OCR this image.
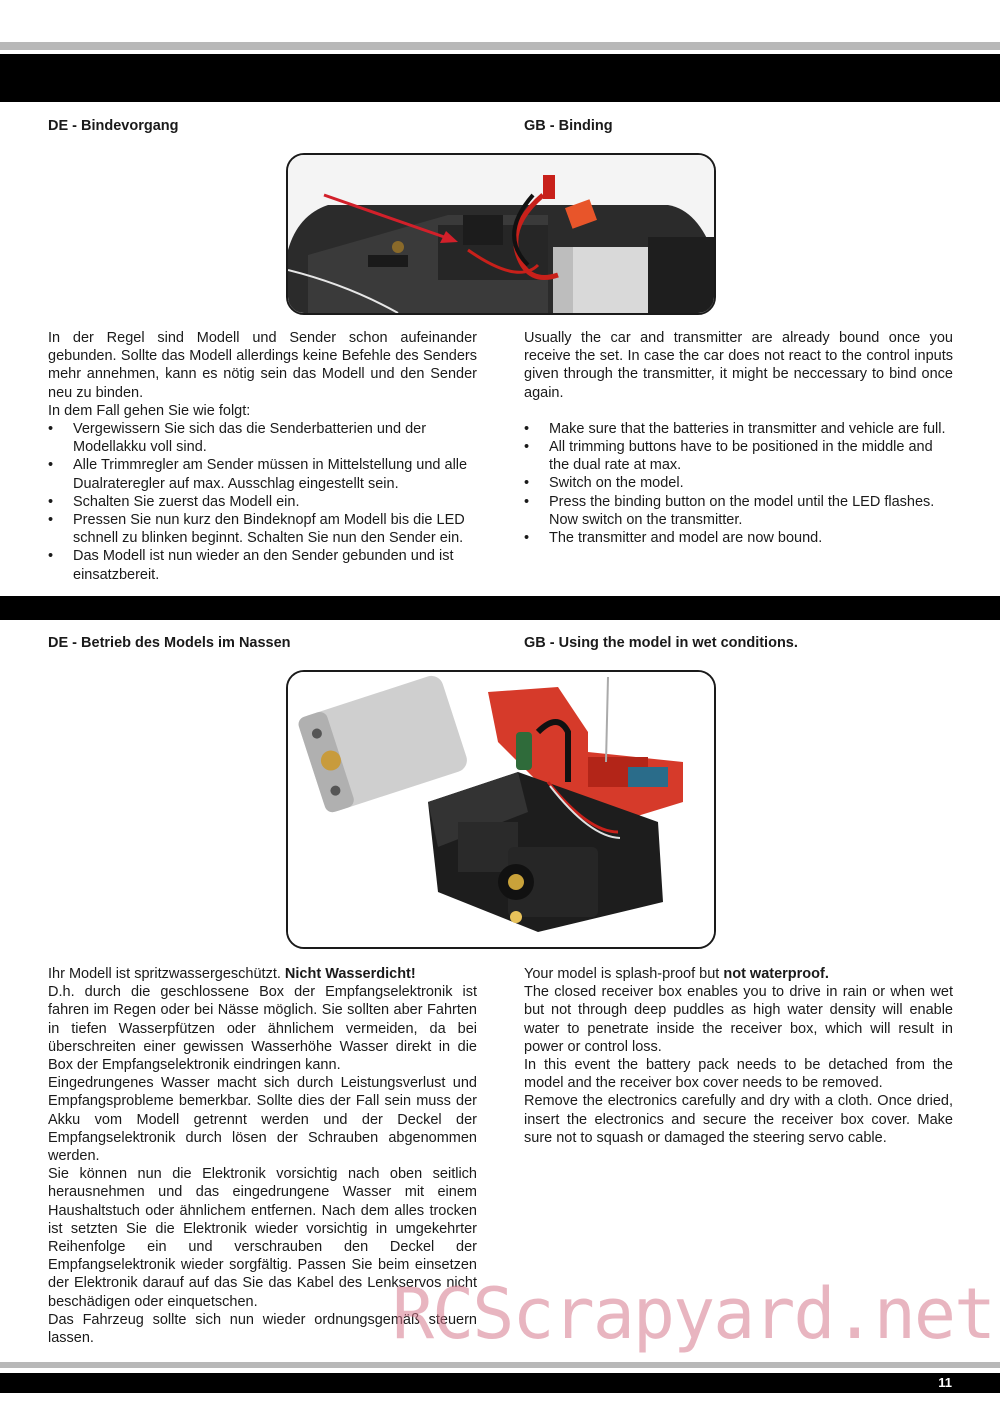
DE - Bindevorgang	GB - Binding

In der Regel sind Modell und Sender schon aufeinander gebunden. Sollte das Modell allerdings keine Befehle des Senders mehr annehmen, kann es nötig sein das Modell und den Sender neu zu binden.

In dem Fall gehen Sie wie folgt:

• Vergewissern Sie sich das die Senderbatterien und der Modellakku voll sind.
• Alle Trimmregler am Sender müssen in Mittelstellung und alle Dualrateregler auf max. Ausschlag eingestellt sein.
• Schalten Sie zuerst das Modell ein.
• Pressen Sie nun kurz den Bindeknopf am Modell bis die LED schnell zu blinken beginnt. Schalten Sie nun den Sender ein.
• Das Modell ist nun wieder an den Sender gebunden und ist einsatzbereit.

Usually the car and transmitter are already bound once you receive the set. In case the car does not react to the control inputs given through the transmitter, it might be neccessary to bind once again.

• Make sure that the batteries in transmitter and vehicle are full.
• All trimming buttons have to be positioned in the middle and the dual rate at max.
• Switch on the model.
• Press the binding button on the model until the LED flashes. Now switch on the transmitter.
• The transmitter and model are now bound.
DE - Betrieb des Models im Nassen	GB - Using the model in wet conditions.

Ihr Modell ist spritzwassergeschützt. Nicht Wasserdicht!

D.h. durch die geschlossene Box der Empfangselektronik ist fahren im Regen oder bei Nässe möglich. Sie sollten aber Fahrten in tiefen Wasserpfützen oder ähnlichem vermeiden, da bei überschreiten einer gewissen Wasserhöhe Wasser direkt in die Box der Empfangselektronik eindringen kann.

Eingedrungenes Wasser macht sich durch Leistungsverlust und Empfangsprobleme bemerkbar. Sollte dies der Fall sein muss der Akku vom Modell getrennt werden und der Deckel der Empfangselektronik durch lösen der Schrauben abgenommen werden.

Sie können nun die Elektronik vorsichtig nach oben seitlich herausnehmen und das eingedrungene Wasser mit einem Haushaltstuch oder ähnlichem entfernen. Nach dem alles trocken ist setzten Sie die Elektronik wieder vorsichtig in umgekehrter Reihenfolge ein und verschrauben den Deckel der Empfangselektronik wieder sorgfältig. Passen Sie beim einsetzen der Elektronik darauf auf das Sie das Kabel des Lenkservos nicht beschädigen oder einquetschen.

Das Fahrzeug sollte sich nun wieder ordnungsgemäß steuern lassen.

Your model is splash-proof but not waterproof.

The closed receiver box enables you to drive in rain or when wet but not through deep puddles as high water density will enable water to penetrate inside the receiver box, which will result in power or control loss.

In this event the battery pack needs to be detached from the model and the receiver box cover needs to be removed.

Remove the electronics carefully and dry with a cloth. Once dried, insert the electronics and secure the receiver box cover. Make sure not to squash or damaged the steering servo cable.

RCScrapyard.net
11
